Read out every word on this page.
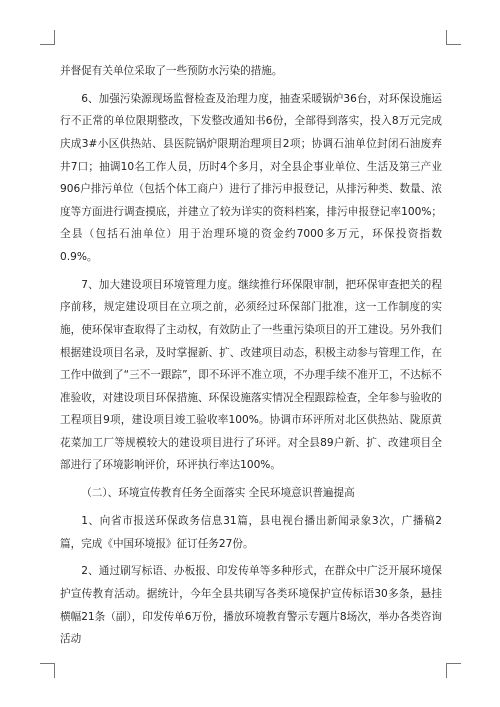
并督促有关单位采取了一些预防水污染的措施。

6、加强污染源现场监督检查及治理力度，抽查采暖锅炉36台，对环保设施运行不正常的单位限期整改，下发整改通知书6份，全部得到落实，投入8万元完成庆成3#小区供热站、县医院锅炉限期治理项目2项；协调石油单位封闭石油废弃井7口；抽调10名工作人员，历时4个多月，对全县企事业单位、生活及第三产业906户排污单位（包括个体工商户）进行了排污申报登记，从排污种类、数量、浓度等方面进行调查摸底，并建立了较为详实的资料档案，排污申报登记率100%；全县（包括石油单位）用于治理环境的资金约7000多万元，环保投资指数0.9%。

7、加大建设项目环境管理力度。继续推行环保限审制，把环保审查把关的程序前移，规定建设项目在立项之前，必须经过环保部门批准，这一工作制度的实施，使环保审查取得了主动权，有效防止了一些重污染项目的开工建设。另外我们根据建设项目名录，及时掌握新、扩、改建项目动态，积极主动参与管理工作，在工作中做到了“三不一跟踪”，即不环评不准立项，不办理手续不准开工，不达标不准验收，对建设项目环保措施、环保设施落实情况全程跟踪检查，全年参与验收的工程项目9项，建设项目竣工验收率100%。协调市环评所对北区供热站、陇原黄花菜加工厂等规模较大的建设项目进行了环评。对全县89户新、扩、改建项目全部进行了环境影响评价，环评执行率达100%。

（二）、环境宣传教育任务全面落实 全民环境意识普遍提高

1、向省市报送环保政务信息31篇，县电视台播出新闻录象3次，广播稿2篇，完成《中国环境报》征订任务27份。

2、通过刷写标语、办板报、印发传单等多种形式，在群众中广泛开展环境保护宣传教育活动。据统计，今年全县共刷写各类环境保护宣传标语30多条，悬挂横幅21条（副），印发传单6万份，播放环境教育警示专题片8场次，举办各类咨询活动
